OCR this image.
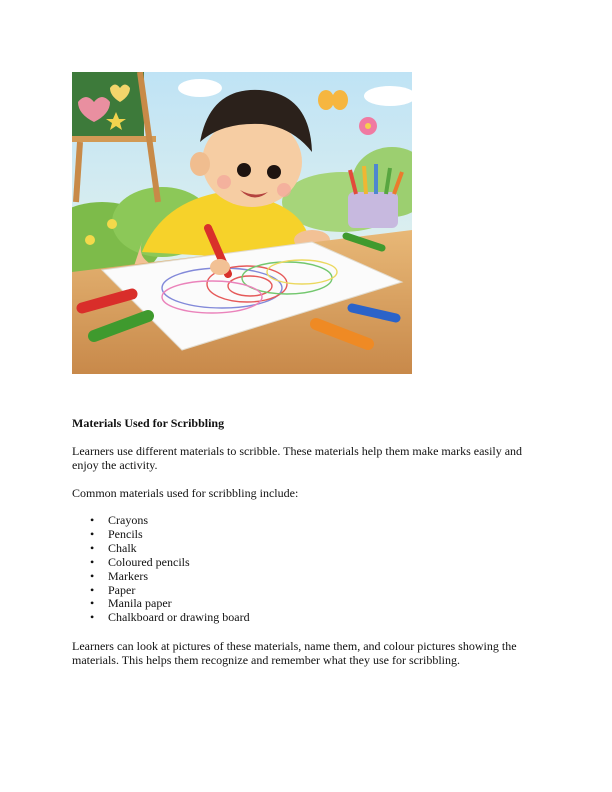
Materials Used for Scribbling

Learners use different materials to scribble. These materials help them make marks easily and enjoy the activity.

Common materials used for scribbling include:

• Crayons
• Pencils
• Chalk
• Coloured pencils
• Markers
• Paper
• Manila paper
• Chalkboard or drawing board

Learners can look at pictures of these materials, name them, and colour pictures showing the materials. This helps them recognize and remember what they use for scribbling.
